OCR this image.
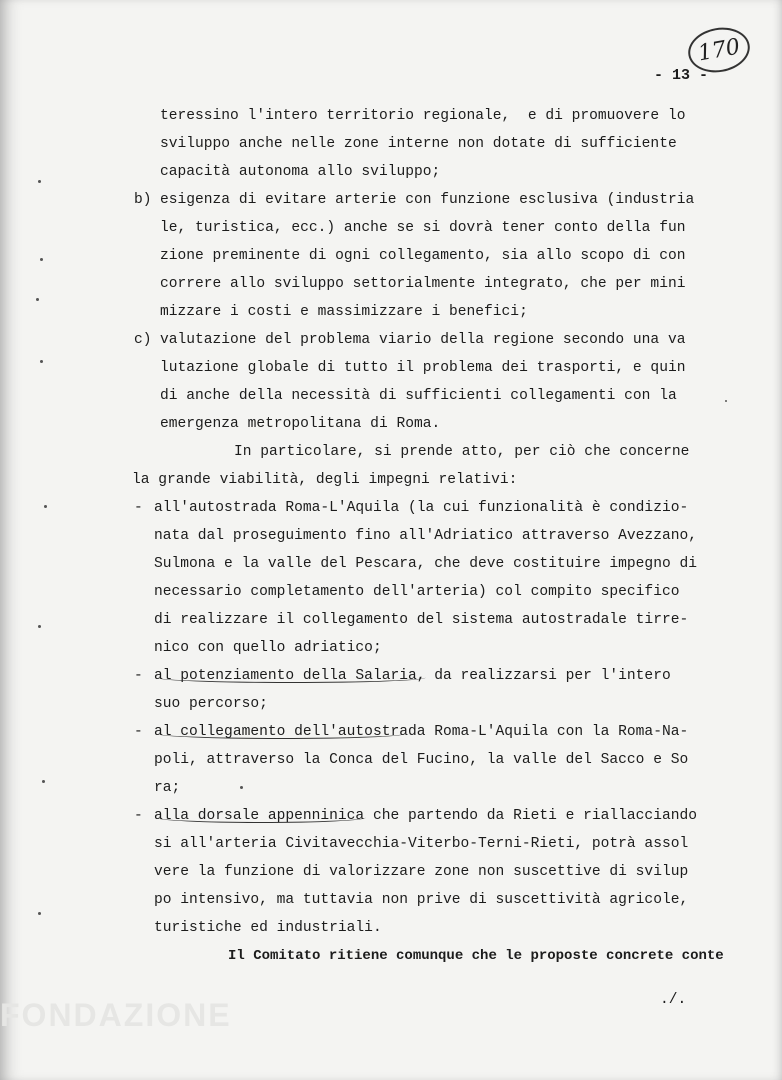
170
- 13 -
teressino l'intero territorio regionale,  e di promuovere lo
sviluppo anche nelle zone interne non dotate di sufficiente
capacità autonoma allo sviluppo;
b) esigenza di evitare arterie con funzione esclusiva (industria
le, turistica, ecc.) anche se si dovrà tener conto della fun
zione preminente di ogni collegamento, sia allo scopo di con
correre allo sviluppo settorialmente integrato, che per mini
mizzare i costi e massimizzare i benefici;
c) valutazione del problema viario della regione secondo una va
lutazione globale di tutto il problema dei trasporti, e quin
di anche della necessità di sufficienti collegamenti con la
emergenza metropolitana di Roma.
In particolare, si prende atto, per ciò che concerne
la grande viabilità, degli impegni relativi:
- all'autostrada Roma-L'Aquila (la cui funzionalità è condizio-
nata dal proseguimento fino all'Adriatico attraverso Avezzano,
Sulmona e la valle del Pescara, che deve costituire impegno di
necessario completamento dell'arteria) col compito specifico
di realizzare il collegamento del sistema autostradale tirre-
nico con quello adriatico;
- al potenziamento della Salaria, da realizzarsi per l'intero
suo percorso;
- al collegamento dell'autostrada Roma-L'Aquila con la Roma-Na-
poli, attraverso la Conca del Fucino, la valle del Sacco e So
ra;
- alla dorsale appenninica che partendo da Rieti e riallacciando
si all'arteria Civitavecchia-Viterbo-Terni-Rieti, potrà assol
vere la funzione di valorizzare zone non suscettive di svilup
po intensivo, ma tuttavia non prive di suscettività agricole,
turistiche ed industriali.
Il Comitato ritiene comunque che le proposte concrete conte
./.
FONDAZIONE
